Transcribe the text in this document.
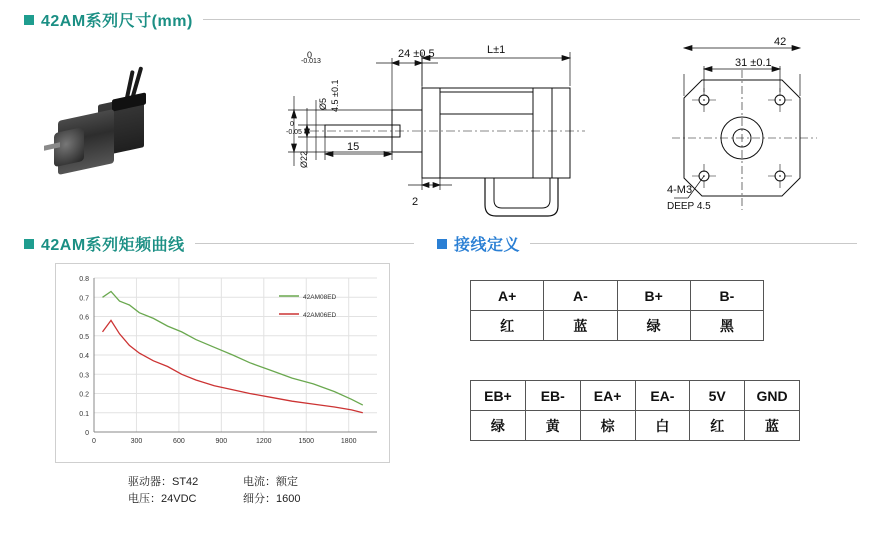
42AM系列尺寸(mm)
42AM系列矩频曲线	接线定义
0
-0.013
Ø5 4.5 ±0.1
Ø22
0
-0.05
24 ±0.5	L±1
15
2
42
31 ±0.1
4-M3
DEEP 4.5
0
0.1
0.2
0.3
0.4
0.5
0.6
0.7
0.8
0	300	600	900	1200	1500	1800
42AM08ED
42AM06ED
驱动器：ST42
电压：24VDC
电流：额定
细分：1600
A+	A-	B+	B-
红	蓝	绿	黑
EB+	EB-	EA+	EA-	5V	GND
绿	黄	棕	白	红	蓝
